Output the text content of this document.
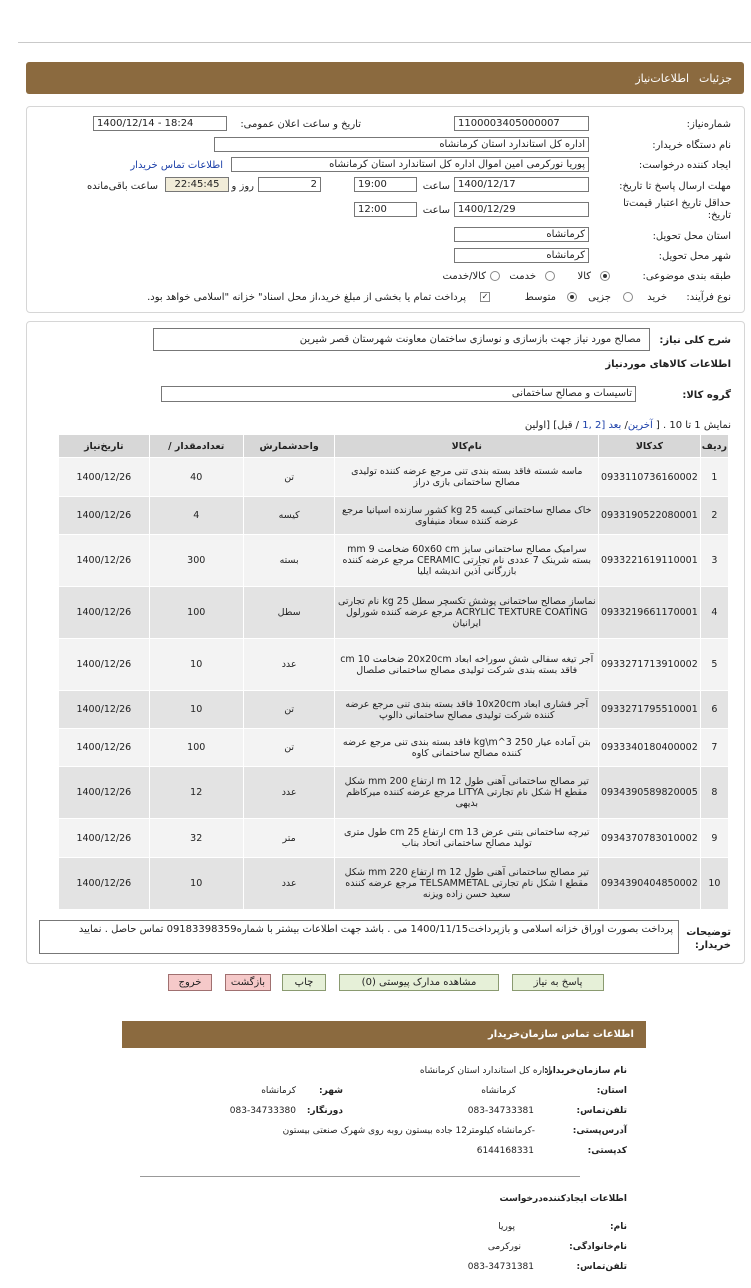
جزئیات
اطلاعات‌نیاز
شماره‌نیاز:
1100003405000007
تاریخ و ساعت اعلان عمومی:
1400/12/14 - 18:24
نام دستگاه خریدار:
اداره کل استاندارد استان کرمانشاه
ایجاد کننده درخواست:
پوریا نورکرمی امین اموال اداره کل استاندارد استان کرمانشاه
اطلاعات تماس خریدار
مهلت ارسال پاسخ تا تاریخ:
1400/12/17
ساعت
19:00
2
روز و
22:45:45
ساعت باقی‌مانده
حداقل تاریخ اعتبار قیمت‌تا تاریخ:
1400/12/29
ساعت
12:00
استان محل تحویل:
کرمانشاه
شهر محل تحویل:
کرمانشاه
طبقه بندی موضوعی:
کالا
خدمت
کالا/خدمت
نوع فرآیند:
خرید
جزیی
متوسط
✓
پرداخت تمام یا بخشی از مبلغ خرید،از محل اسناد" خزانه "اسلامی خواهد بود.
شرح کلی نیاز:
مصالح مورد نیاز جهت بازسازی و نوسازی ساختمان معاونت شهرستان قصر شیرین
اطلاعات کالاهای موردنیاز
گروه کالا:
تاسیسات و مصالح ساختمانی
نمایش 1 تا 10 . [ آخرین/ بعد [2 ,1 / قبل] [اولین
ردیف	کدکالا	نام‌کالا	واحدشمارش	تعدادمقدار /	تاریخ‌نیاز
1	0933110736160002	ماسه شسته فاقد بسته بندی تنی مرجع عرضه کننده تولیدی مصالح ساختمانی بازی دراز	تن	40	1400/12/26
2	0933190522080001	خاک مصالح ساختمانی کیسه 25 kg کشور سازنده اسپانیا مرجع عرضه کننده سعاد منیفاوی	کیسه	4	1400/12/26
3	0933221619110001	سرامیک مصالح ساختمانی سایز 60x60 cm ضخامت 9 mm بسته شرینک 7 عددی نام تجارتی CERAMIC مرجع عرضه کننده بازرگانی آذین اندیشه ایلیا	بسته	300	1400/12/26
4	0933219661170001	نماساز مصالح ساختمانی پوشش تکسچر سطل 25 kg نام تجارتی ACRYLIC TEXTURE COATING مرجع عرضه کننده شورلول ایرانیان	سطل	100	1400/12/26
5	0933271713910002	آجر تیغه سفالی شش سوراخه ابعاد 20x20cm ضخامت 10 cm فاقد بسته بندی شرکت تولیدی مصالح ساختمانی صلصال	عدد	10	1400/12/26
6	0933271795510001	آجر فشاری ابعاد 10x20cm فاقد بسته بندی تنی مرجع عرضه کننده شرکت تولیدی مصالح ساختمانی دالوپ	تن	10	1400/12/26
7	0933340180400002	بتن آماده عیار 250 kg\m^3 فاقد بسته بندی تنی مرجع عرضه کننده مصالح ساختمانی کاوه	تن	100	1400/12/26
8	0934390589820005	تیر مصالح ساختمانی آهنی طول 12 m ارتفاع 200 mm شکل مقطع H شکل نام تجارتی LITYA مرجع عرضه کننده میرکاظم بدیهی	عدد	12	1400/12/26
9	0934370783010002	تیرچه ساختمانی بتنی عرض 13 cm ارتفاع 25 cm طول متری تولید مصالح ساختمانی اتحاد بناب	متر	32	1400/12/26
10	0934390404850002	تیر مصالح ساختمانی آهنی طول 12 m ارتفاع 220 mm شکل مقطع I شکل نام تجارتی TELSAMMETAL مرجع عرضه کننده سعید حسن زاده ویزنه	عدد	10	1400/12/26
توضیحات خریدار:
پرداخت بصورت اوراق خزانه اسلامی و بازپرداخت1400/11/15 می . باشد جهت اطلاعات بیشتر با شماره09183398359 تماس حاصل . نمایید
پاسخ به نیاز
مشاهده مدارک پیوستی (0)
چاپ
بازگشت
خروج
اطلاعات تماس سازمان‌خریدار
نام سازمان‌خریدار:
اداره کل استاندارد استان کرمانشاه
استان:
کرمانشاه
شهر:
کرمانشاه
تلفن‌تماس:
083-34733381
دورنگار:
083-34733380
آدرس‌پستی:
-کرمانشاه کیلومتر12 جاده بیستون روبه روی شهرک صنعتی بیستون
کدپستی:
6144168331
اطلاعات ایجادکننده‌درخواست
نام:
پوریا
نام‌خانوادگی:
نورکرمی
تلفن‌تماس:
083-34731381
